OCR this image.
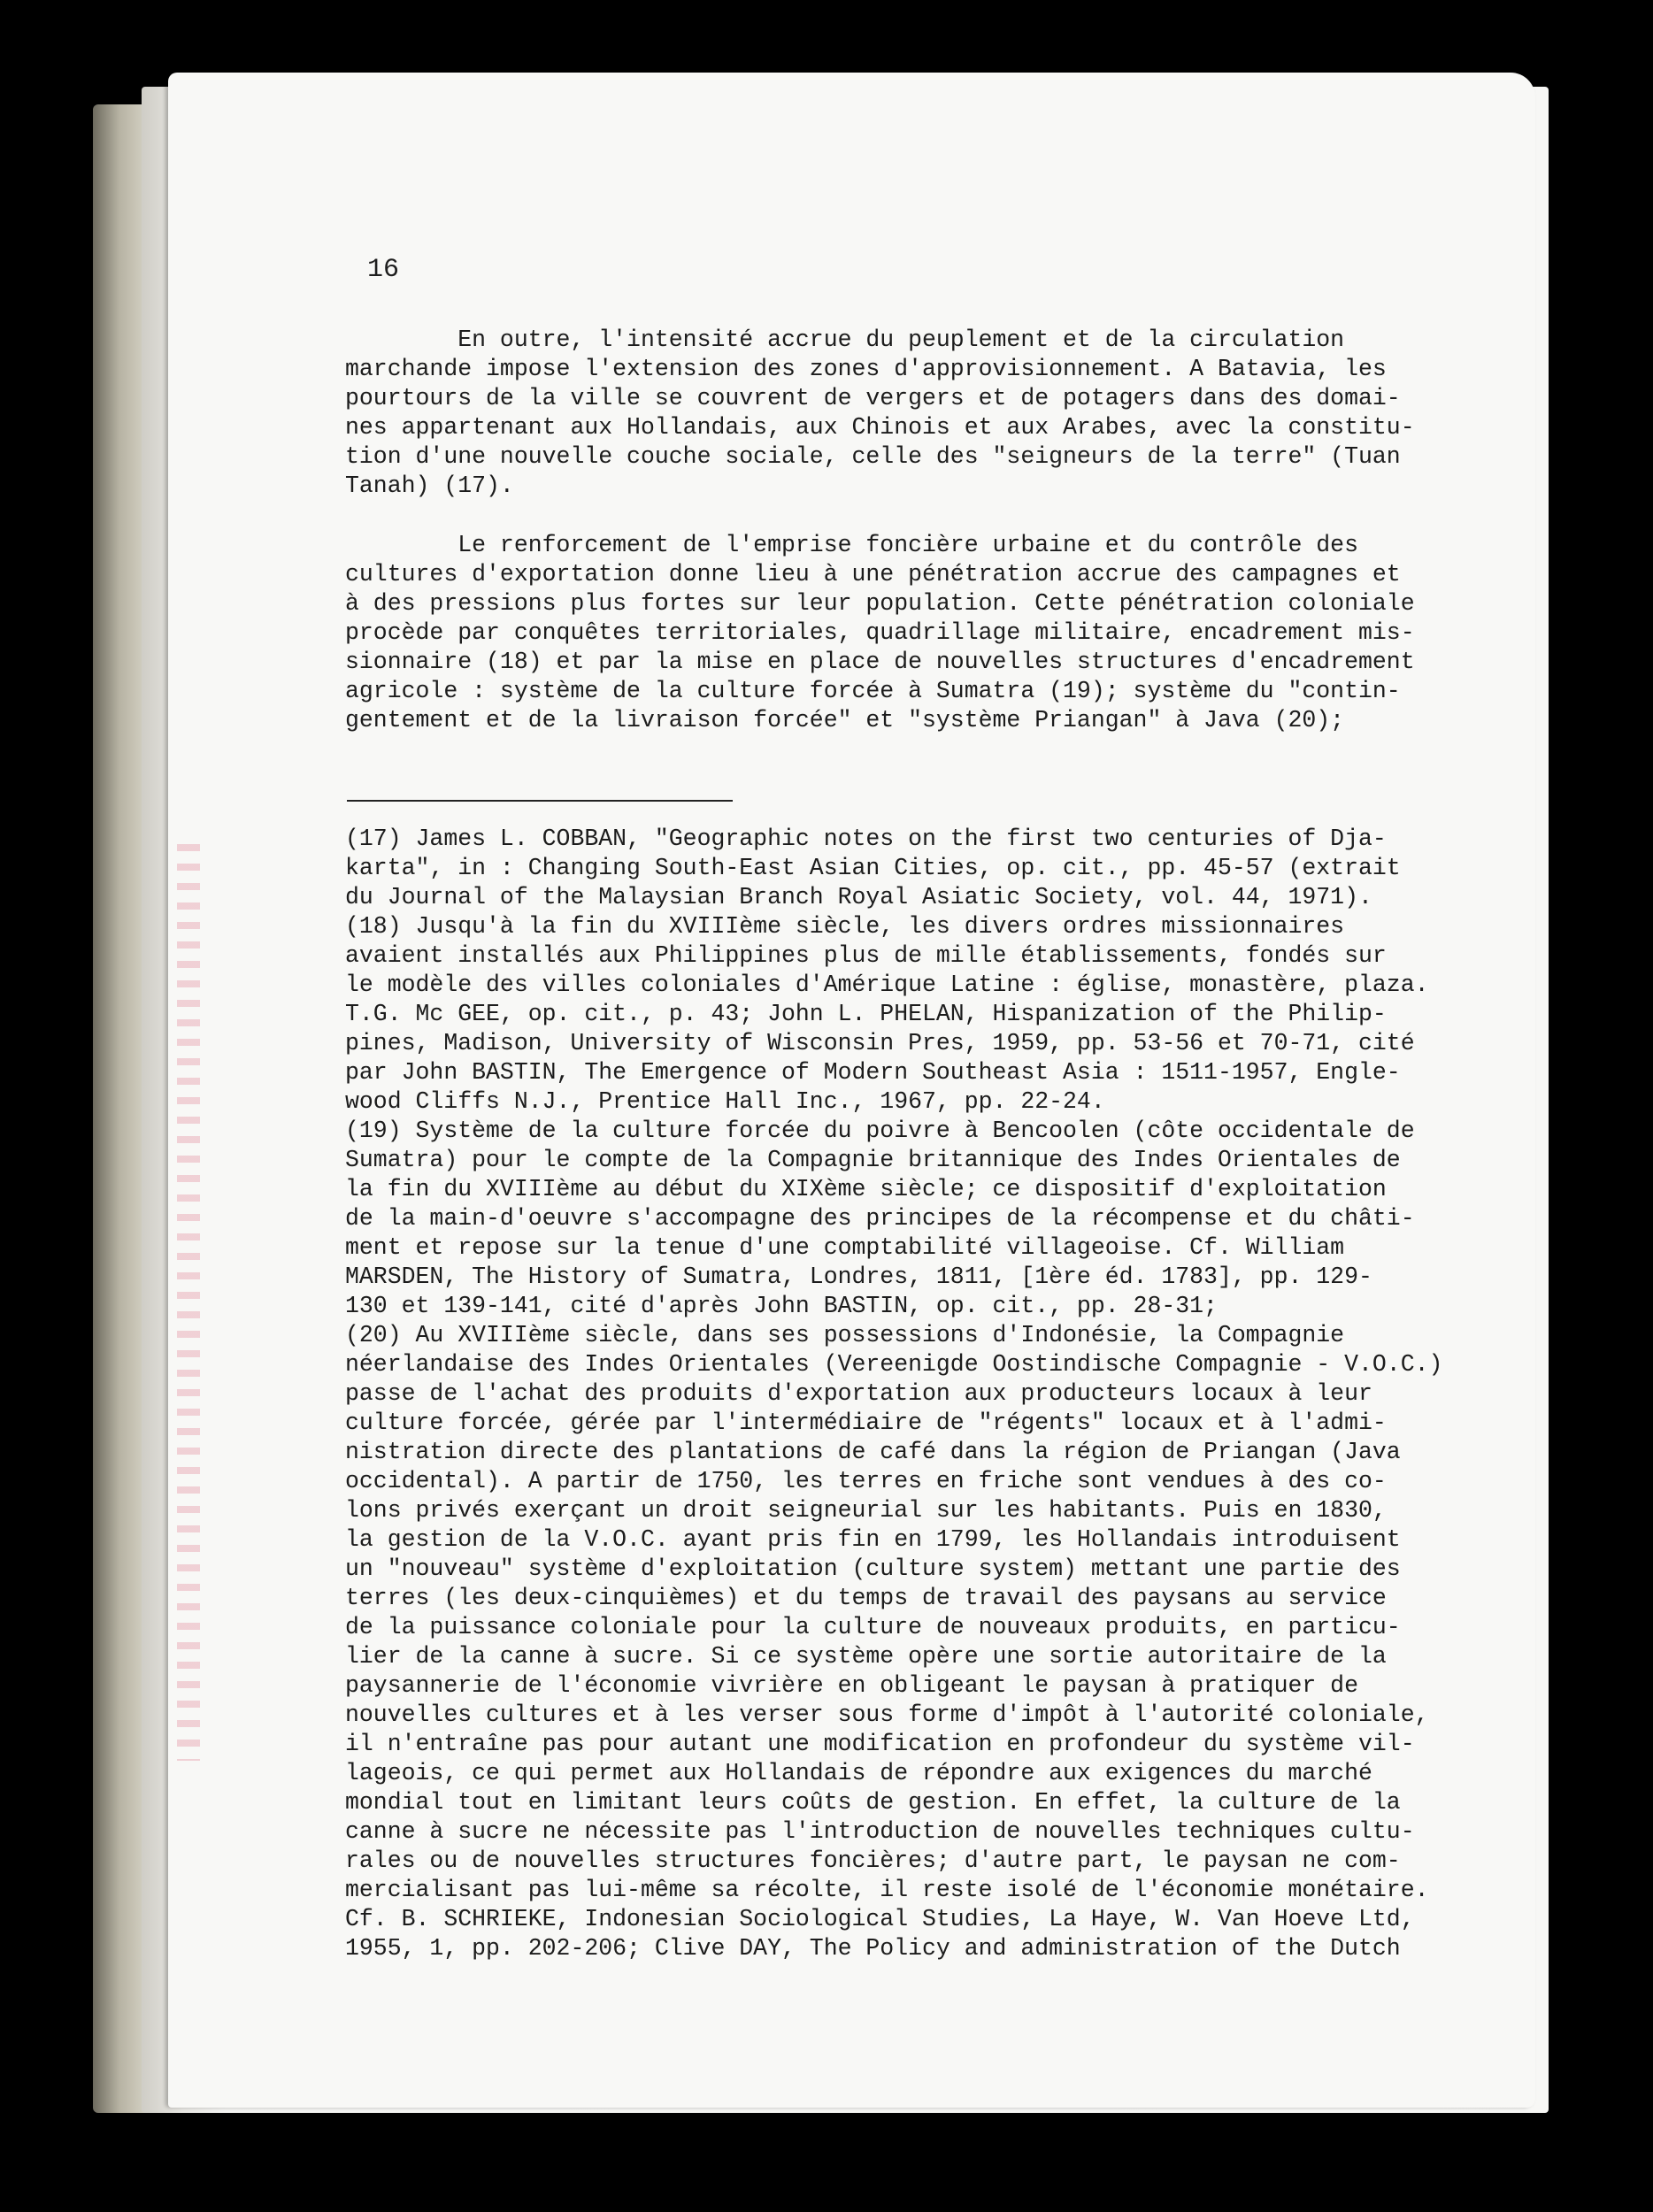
16
En outre, l'intensité accrue du peuplement et de la circulation
marchande impose l'extension des zones d'approvisionnement. A Batavia, les
pourtours de la ville se couvrent de vergers et de potagers dans des domai-
nes appartenant aux Hollandais, aux Chinois et aux Arabes, avec la constitu-
tion d'une nouvelle couche sociale, celle des "seigneurs de la terre" (Tuan
Tanah) (17).
Le renforcement de l'emprise foncière urbaine et du contrôle des
cultures d'exportation donne lieu à une pénétration accrue des campagnes et
à des pressions plus fortes sur leur population. Cette pénétration coloniale
procède par conquêtes territoriales, quadrillage militaire, encadrement mis-
sionnaire (18) et par la mise en place de nouvelles structures d'encadrement
agricole : système de la culture forcée à Sumatra (19); système du "contin-
gentement et de la livraison forcée" et "système Priangan" à Java (20);
(17) James L. COBBAN, "Geographic notes on the first two centuries of Dja-
karta", in : Changing South-East Asian Cities, op. cit., pp. 45-57 (extrait
du Journal of the Malaysian Branch Royal Asiatic Society, vol. 44, 1971).
(18) Jusqu'à la fin du XVIIIème siècle, les divers ordres missionnaires
avaient installés aux Philippines plus de mille établissements, fondés sur
le modèle des villes coloniales d'Amérique Latine : église, monastère, plaza.
T.G. Mc GEE, op. cit., p. 43; John L. PHELAN, Hispanization of the Philip-
pines, Madison, University of Wisconsin Pres, 1959, pp. 53-56 et 70-71, cité
par John BASTIN, The Emergence of Modern Southeast Asia : 1511-1957, Engle-
wood Cliffs N.J., Prentice Hall Inc., 1967, pp. 22-24.
(19) Système de la culture forcée du poivre à Bencoolen (côte occidentale de
Sumatra) pour le compte de la Compagnie britannique des Indes Orientales de
la fin du XVIIIème au début du XIXème siècle; ce dispositif d'exploitation
de la main-d'oeuvre s'accompagne des principes de la récompense et du châti-
ment et repose sur la tenue d'une comptabilité villageoise. Cf. William
MARSDEN, The History of Sumatra, Londres, 1811, [1ère éd. 1783], pp. 129-
130 et 139-141, cité d'après John BASTIN, op. cit., pp. 28-31;
(20) Au XVIIIème siècle, dans ses possessions d'Indonésie, la Compagnie
néerlandaise des Indes Orientales (Vereenigde Oostindische Compagnie - V.O.C.)
passe de l'achat des produits d'exportation aux producteurs locaux à leur
culture forcée, gérée par l'intermédiaire de "régents" locaux et à l'admi-
nistration directe des plantations de café dans la région de Priangan (Java
occidental). A partir de 1750, les terres en friche sont vendues à des co-
lons privés exerçant un droit seigneurial sur les habitants. Puis en 1830,
la gestion de la V.O.C. ayant pris fin en 1799, les Hollandais introduisent
un "nouveau" système d'exploitation (culture system) mettant une partie des
terres (les deux-cinquièmes) et du temps de travail des paysans au service
de la puissance coloniale pour la culture de nouveaux produits, en particu-
lier de la canne à sucre. Si ce système opère une sortie autoritaire de la
paysannerie de l'économie vivrière en obligeant le paysan à pratiquer de
nouvelles cultures et à les verser sous forme d'impôt à l'autorité coloniale,
il n'entraîne pas pour autant une modification en profondeur du système vil-
lageois, ce qui permet aux Hollandais de répondre aux exigences du marché
mondial tout en limitant leurs coûts de gestion. En effet, la culture de la
canne à sucre ne nécessite pas l'introduction de nouvelles techniques cultu-
rales ou de nouvelles structures foncières; d'autre part, le paysan ne com-
mercialisant pas lui-même sa récolte, il reste isolé de l'économie monétaire.
Cf. B. SCHRIEKE, Indonesian Sociological Studies, La Haye, W. Van Hoeve Ltd,
1955, 1, pp. 202-206; Clive DAY, The Policy and administration of the Dutch
